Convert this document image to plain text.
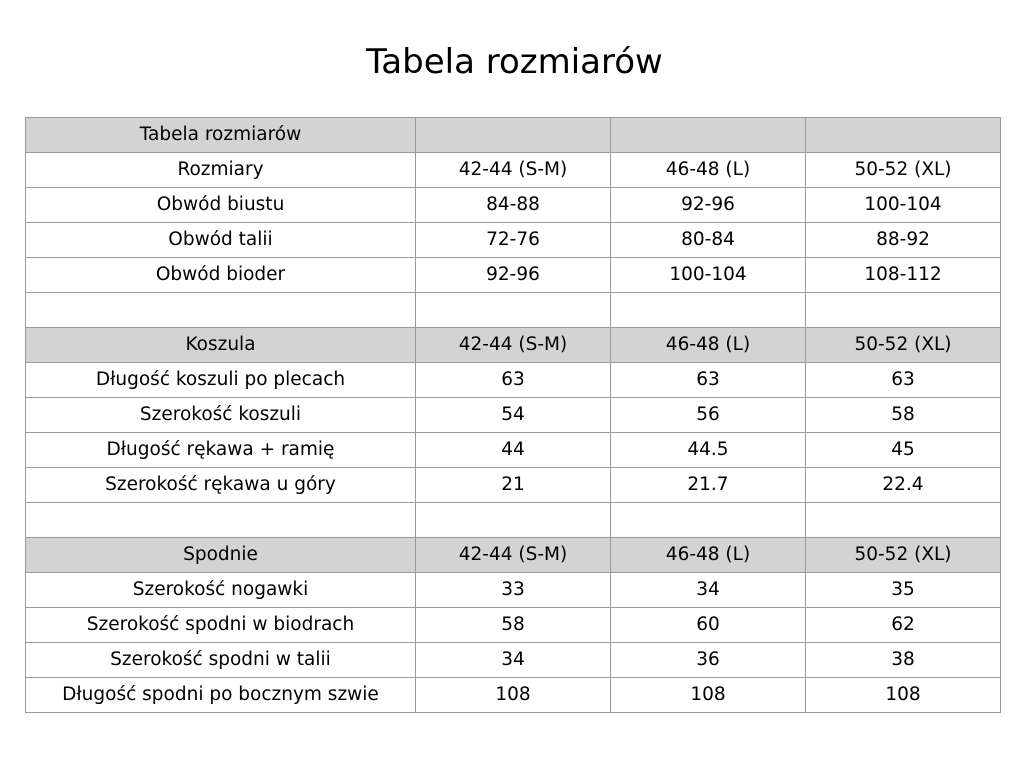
Tabela rozmiarów
Tabela rozmiarów			
Rozmiary	42-44 (S-M)	46-48 (L)	50-52 (XL)
Obwód biustu	84-88	92-96	100-104
Obwód talii	72-76	80-84	88-92
Obwód bioder	92-96	100-104	108-112

Koszula	42-44 (S-M)	46-48 (L)	50-52 (XL)
Długość koszuli po plecach	63	63	63
Szerokość koszuli	54	56	58
Długość rękawa + ramię	44	44.5	45
Szerokość rękawa u góry	21	21.7	22.4

Spodnie	42-44 (S-M)	46-48 (L)	50-52 (XL)
Szerokość nogawki	33	34	35
Szerokość spodni w biodrach	58	60	62
Szerokość spodni w talii	34	36	38
Długość spodni po bocznym szwie	108	108	108
